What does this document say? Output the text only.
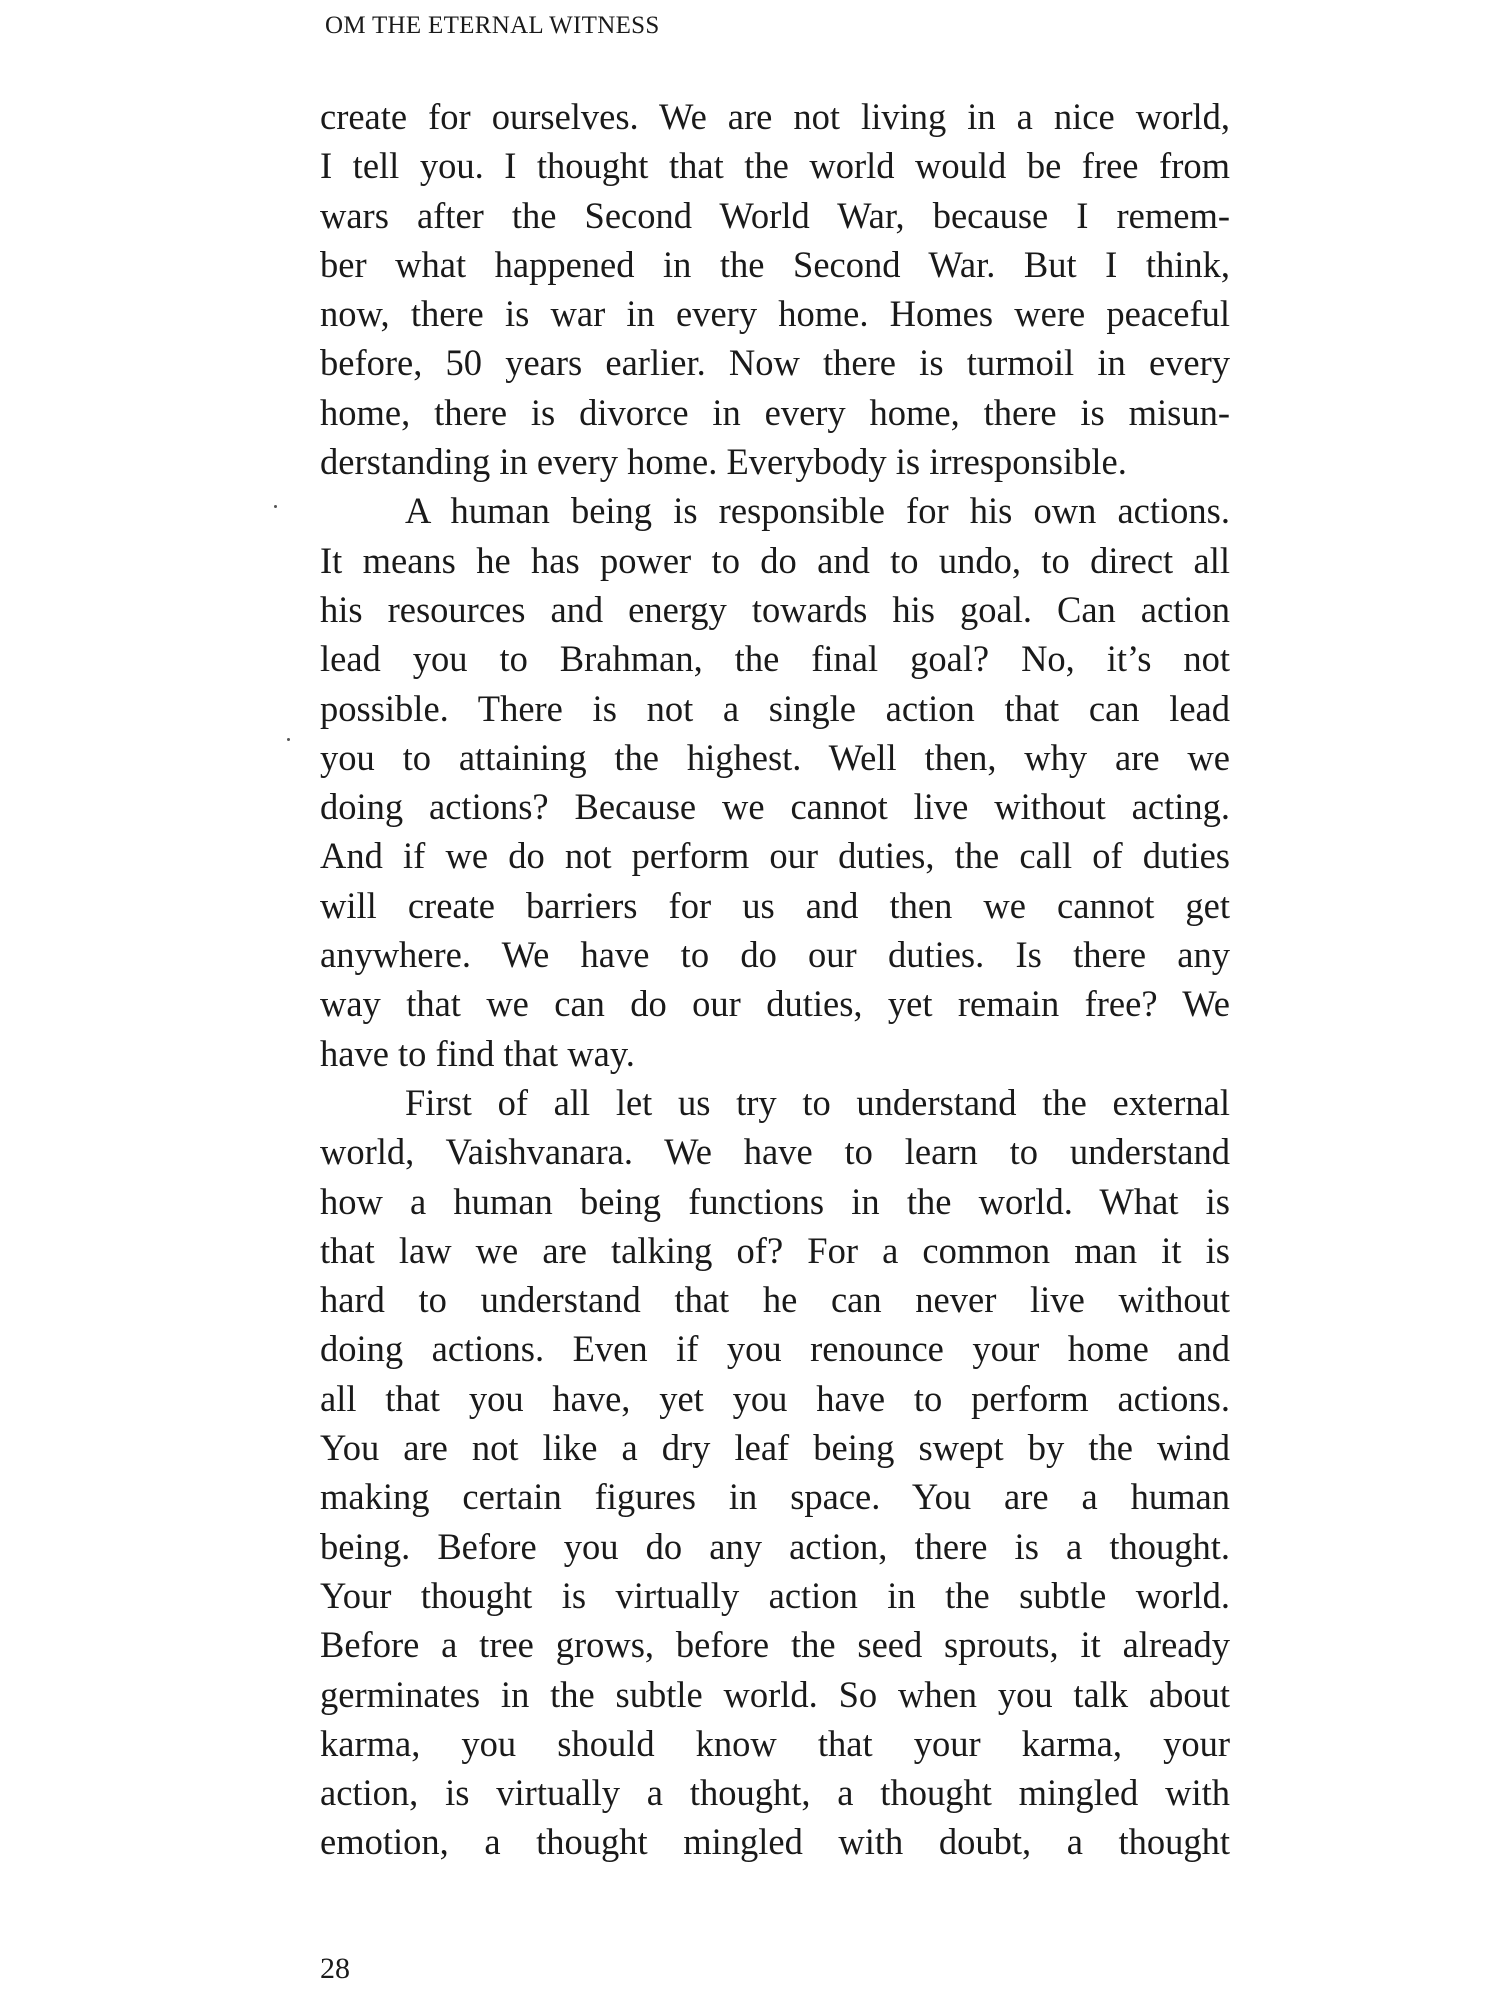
OM THE ETERNAL WITNESS

create for ourselves. We are not living in a nice world,
I tell you. I thought that the world would be free from
wars after the Second World War, because I remem-
ber what happened in the Second War. But I think,
now, there is war in every home. Homes were peaceful
before, 50 years earlier. Now there is turmoil in every
home, there is divorce in every home, there is misun-
derstanding in every home. Everybody is irresponsible.

A human being is responsible for his own actions.
It means he has power to do and to undo, to direct all
his resources and energy towards his goal. Can action
lead you to Brahman, the final goal? No, it’s not
possible. There is not a single action that can lead
you to attaining the highest. Well then, why are we
doing actions? Because we cannot live without acting.
And if we do not perform our duties, the call of duties
will create barriers for us and then we cannot get
anywhere. We have to do our duties. Is there any
way that we can do our duties, yet remain free? We
have to find that way.

First of all let us try to understand the external
world, Vaishvanara. We have to learn to understand
how a human being functions in the world. What is
that law we are talking of? For a common man it is
hard to understand that he can never live without
doing actions. Even if you renounce your home and
all that you have, yet you have to perform actions.
You are not like a dry leaf being swept by the wind
making certain figures in space. You are a human
being. Before you do any action, there is a thought.
Your thought is virtually action in the subtle world.
Before a tree grows, before the seed sprouts, it already
germinates in the subtle world. So when you talk about
karma, you should know that your karma, your
action, is virtually a thought, a thought mingled with
emotion, a thought mingled with doubt, a thought

28
